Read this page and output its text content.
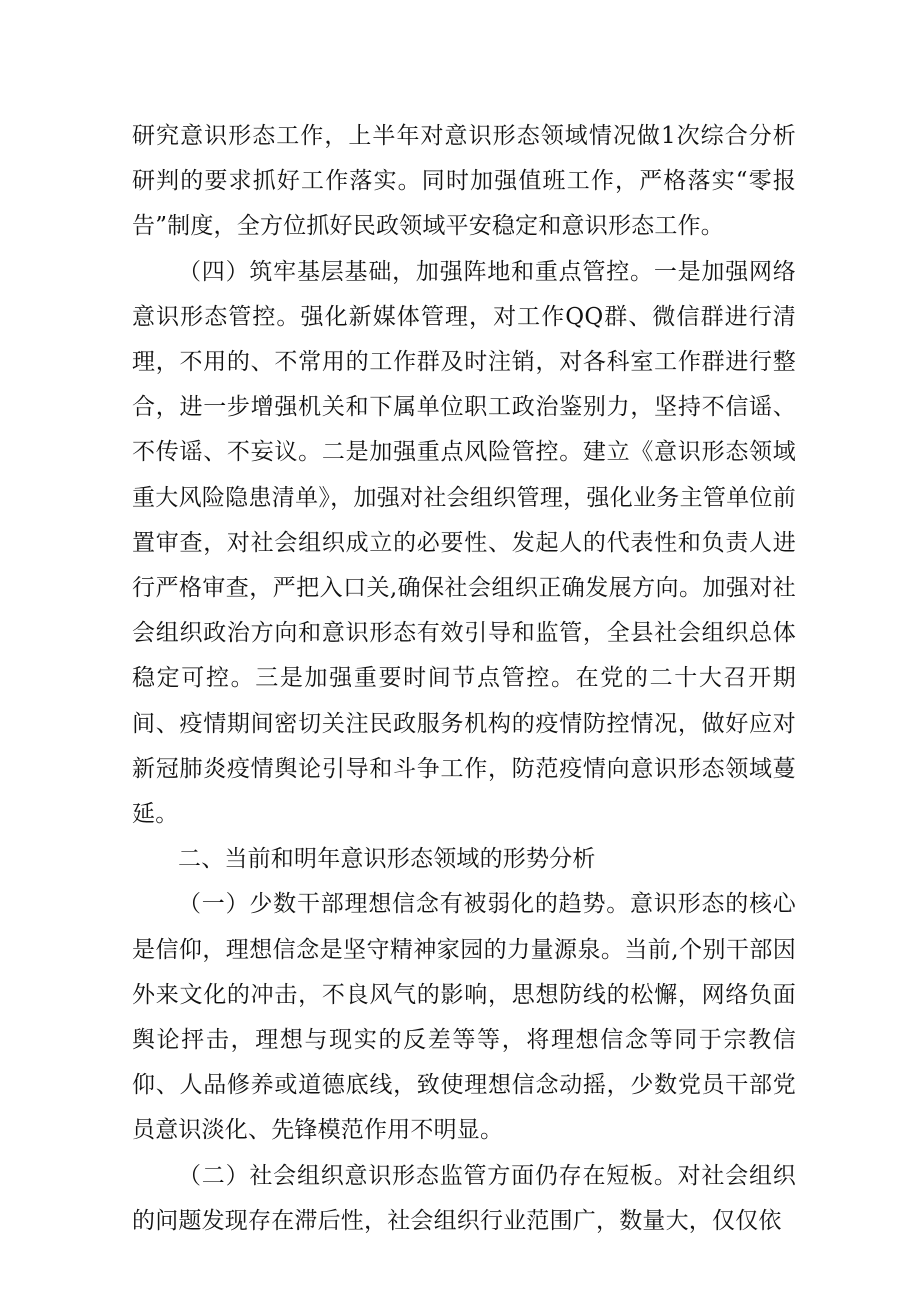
研究意识形态工作，上半年对意识形态领域情况做1次综合分析研判的要求抓好工作落实。同时加强值班工作，严格落实“零报告”制度，全方位抓好民政领域平安稳定和意识形态工作。

（四）筑牢基层基础，加强阵地和重点管控。一是加强网络意识形态管控。强化新媒体管理，对工作QQ群、微信群进行清理，不用的、不常用的工作群及时注销，对各科室工作群进行整合，进一步增强机关和下属单位职工政治鉴别力，坚持不信谣、不传谣、不妄议。二是加强重点风险管控。建立《意识形态领域重大风险隐患清单》，加强对社会组织管理，强化业务主管单位前置审查，对社会组织成立的必要性、发起人的代表性和负责人进行严格审查，严把入口关,确保社会组织正确发展方向。加强对社会组织政治方向和意识形态有效引导和监管，全县社会组织总体稳定可控。三是加强重要时间节点管控。在党的二十大召开期间、疫情期间密切关注民政服务机构的疫情防控情况，做好应对新冠肺炎疫情舆论引导和斗争工作，防范疫情向意识形态领域蔓延。

二、当前和明年意识形态领域的形势分析

（一）少数干部理想信念有被弱化的趋势。意识形态的核心是信仰，理想信念是坚守精神家园的力量源泉。当前,个别干部因外来文化的冲击，不良风气的影响，思想防线的松懈，网络负面舆论抨击，理想与现实的反差等等，将理想信念等同于宗教信仰、人品修养或道德底线，致使理想信念动摇，少数党员干部党员意识淡化、先锋模范作用不明显。

（二）社会组织意识形态监管方面仍存在短板。对社会组织的问题发现存在滞后性，社会组织行业范围广，数量大，仅仅依
